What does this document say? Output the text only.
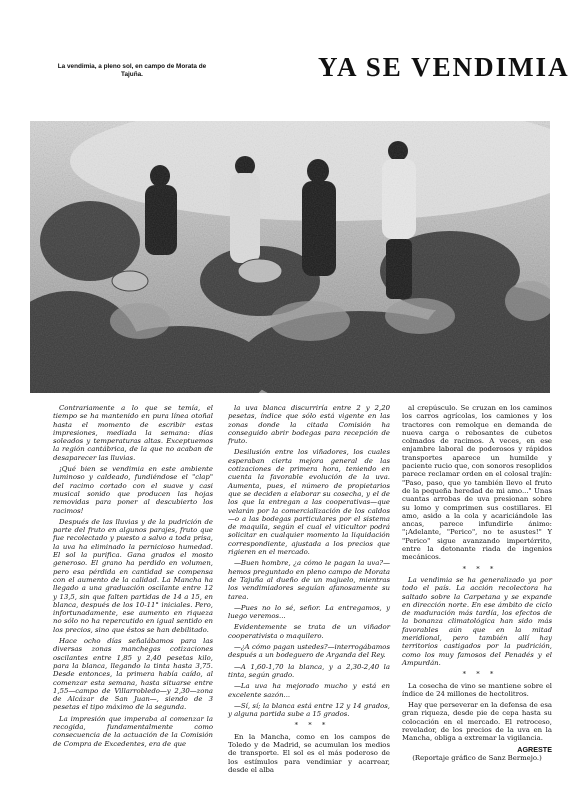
La vendimia, a pleno sol, en campo de Morata de Tajuña.	YA SE VENDIMIA

Contrariamente a lo que se temía, el tiempo se ha mantenido en pura línea otoñal hasta el momento de escribir estas impresiones, mediada la semana: días soleados y temperaturas altas. Exceptuemos la región cantábrica, de la que no acaban de desaparecer las lluvias.

¡Qué bien se vendimia en este ambiente luminoso y caldeado, fundiéndose el "clap" del racimo cortado con el suave y casi musical sonido que producen las hojas removidas para poner al descubierto los racimos!

Después de las lluvias y de la pudrición de parte del fruto en algunos parajes, fruto que fue recolectado y puesto a salvo a toda prisa, la uva ha eliminado la pernicioso humedad. El sol la purifica. Gana grados el mosto generoso. El grano ha perdido en volumen, pero esa pérdida en cantidad se compensa con el aumento de la calidad. La Mancha ha llegado a una graduación oscilante entre 12 y 13,5, sin que falten partidas de 14 a 15, en blanca, después de los 10-11° iniciales. Pero, infortunadamente, ese aumento en riqueza no sólo no ha repercutido en igual sentido en los precios, sino que éstos se han debilitado.

Hace ocho días señalábamos para las diversas zonas manchegas cotizaciones oscilantes entre 1,85 y 2,40 pesetas kilo, para la blanca, llegando la tinta hasta 3,75. Desde entonces, la primera había caído, al comenzar esta semana, hasta situarse entre 1,55—campo de Villarrobledo—y 2,30—zona de Alcázar de San Juan—, siendo de 3 pesetas el tipo máximo de la segunda.

La impresión que imperaba al comenzar la recogida, fundamentalmente como consecuencia de la actuación de la Comisión de Compra de Excedentes, era de que

la uva blanca discurriría entre 2 y 2,20 pesetas, índice que sólo está vigente en las zonas donde la citada Comisión ha conseguido abrir bodegas para recepción de fruto.

Desilusión entre los viñadores, los cuales esperaban cierta mejora general de las cotizaciones de primera hora, teniendo en cuenta la favorable evolución de la uva. Aumenta, pues, el número de propietarios que se deciden a elaborar su cosecha, y el de los que la entregan a las cooperativas—que velarán por la comercialización de los caldos—o a las bodegas particulares por el sistema de maquila, según el cual el viticultor podrá solicitar en cualquier momento la liquidación correspondiente, ajustada a los precios que rigieren en el mercado.

—Buen hombre, ¿a cómo le pagan la uva?—hemos preguntado en pleno campo de Morata de Tajuña al dueño de un majuelo, mientras los vendimiadores seguían afanosamente su tarea.

—Pues no lo sé, señor. La entregamos, y luego veremos...

Evidentemente se trata de un viñador cooperativista o maquilero.

—¿A cómo pagan ustedes?—interrogábamos después a un bodeguero de Arganda del Rey.

—A 1,60-1,70 la blanca, y a 2,30-2,40 la tinta, según grado.

—La uva ha mejorado mucho y está en excelente sazón...

—Sí, sí; la blanca está entre 12 y 14 grados, y alguna partida sube a 15 grados.

* * *

En la Mancha, como en los campos de Toledo y de Madrid, se acumulan los medios de transporte. El sol es el más poderoso de los estímulos para vendimiar y acarrear, desde el alba

al crepúsculo. Se cruzan en los caminos los carros agrícolas, los camiones y los tractores con remolque en demanda de nueva carga o rebosantes de cubetos colmados de racimos. A veces, en ese enjambre laboral de poderosos y rápidos transportes aparece un humilde y paciente rucio que, con sonoros resoplidos parece reclamar orden en el colosal trajín: "Paso, paso, que yo también llevo el fruto de la pequeña heredad de mi amo..." Unas cuantas arrobas de uva presionan sobre su lomo y comprimen sus costillares. El amo, asido a la cola y acariciándole las ancas, parece infundirle ánimo: "¡Adelante, "Perico", no te asustes!" Y "Perico" sigue avanzando impertérrito, entre la detonante riada de ingenios mecánicos.

* * *

La vendimia se ha generalizado ya por todo el país. La acción recolectora ha saltado sobre la Carpetana y se expande en dirección norte. En ese ámbito de ciclo de maduración más tardía, los efectos de la bonanza climatológica han sido más favorables aún que en la mitad meridional, pero también allí hay territorios castigados por la pudrición, como los muy famosos del Penadés y el Ampurdán.

* * *

La cosecha de vino se mantiene sobre el índice de 24 millones de hectolitros.

Hay que perseverar en la defensa de esa gran riqueza, desde pie de cepa hasta su colocación en el mercado. El retroceso, revelador, de los precios de la uva en la Mancha, obliga a extremar la vigilancia.

AGRESTE
(Reportaje gráfico de Sanz Bermejo.)
